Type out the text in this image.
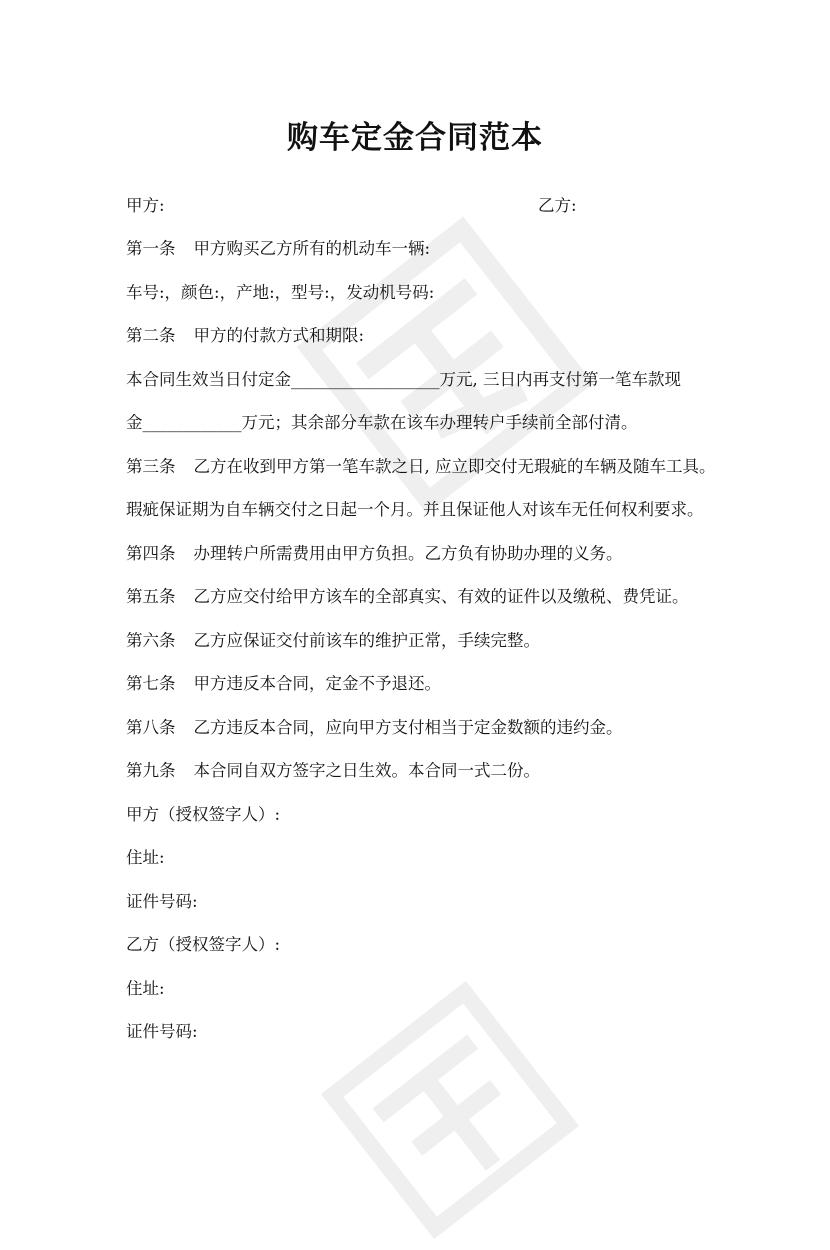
购车定金合同范本
甲方:	乙方:
第一条 甲方购买乙方所有的机动车一辆:
车号:，颜色:，产地:，型号:，发动机号码:
第二条 甲方的付款方式和期限:
本合同生效当日付定金__________________万元, 三日内再支付第一笔车款现
金____________万元；其余部分车款在该车办理转户手续前全部付清。
第三条 乙方在收到甲方第一笔车款之日, 应立即交付无瑕疵的车辆及随车工具。
瑕疵保证期为自车辆交付之日起一个月。并且保证他人对该车无任何权利要求。
第四条 办理转户所需费用由甲方负担。乙方负有协助办理的义务。
第五条 乙方应交付给甲方该车的全部真实、有效的证件以及缴税、费凭证。
第六条 乙方应保证交付前该车的维护正常，手续完整。
第七条 甲方违反本合同，定金不予退还。
第八条 乙方违反本合同，应向甲方支付相当于定金数额的违约金。
第九条 本合同自双方签字之日生效。本合同一式二份。
甲方（授权签字人）:
住址:
证件号码:
乙方（授权签字人）:
住址:
证件号码:
